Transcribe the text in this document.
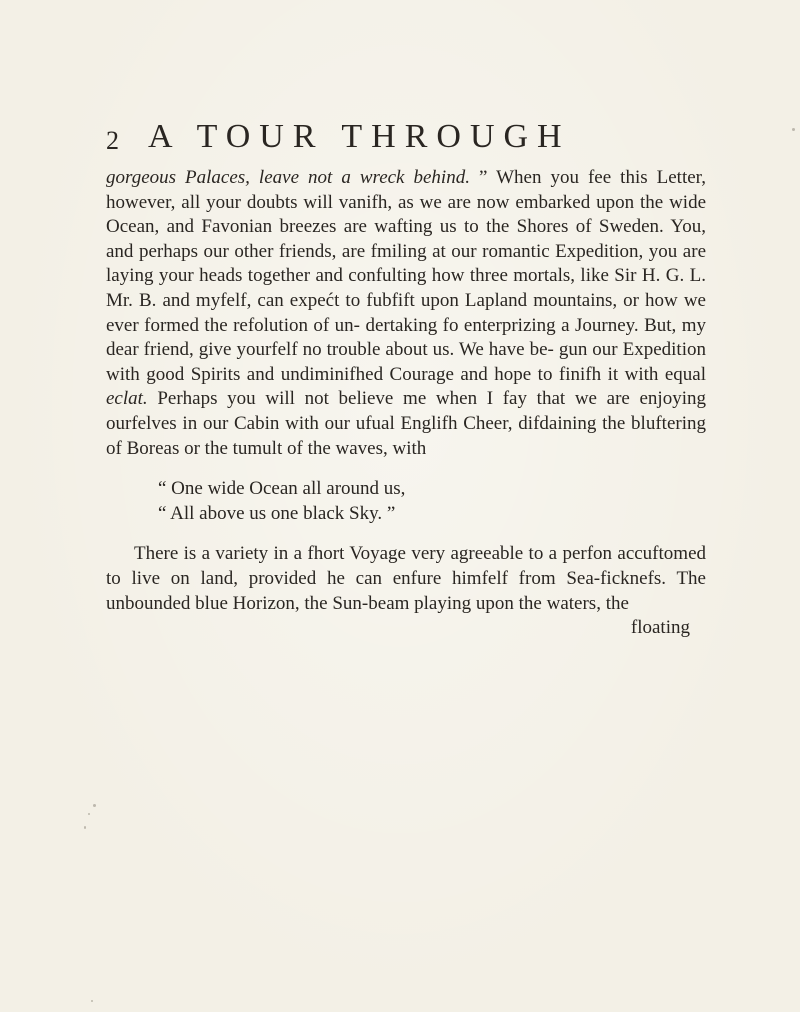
2 A TOUR THROUGH

gorgeous Palaces, leave not a wreck behind. ” When you fee this Letter, however, all your doubts will vanifh, as we are now embarked upon the wide Ocean, and Favonian breezes are wafting us to the Shores of Sweden. You, and perhaps our other friends, are fmiling at our romantic Expedition, you are laying your heads together and confulting how three mortals, like Sir H. G. L. Mr. B. and myfelf, can expećt to fubfift upon Lapland mountains, or how we ever formed the refolution of un- dertaking fo enterprizing a Journey. But, my dear friend, give yourfelf no trouble about us. We have be- gun our Expedition with good Spirits and undiminifhed Courage and hope to finifh it with equal eclat. Perhaps you will not believe me when I fay that we are enjoying ourfelves in our Cabin with our ufual Englifh Cheer, difdaining the bluftering of Boreas or the tumult of the waves, with

“ One wide Ocean all around us,
“ All above us one black Sky. ”

There is a variety in a fhort Voyage very agreeable to a perfon accuftomed to live on land, provided he can enfure himfelf from Sea-ficknefs. The unbounded blue Horizon, the Sun-beam playing upon the waters, the

floating
